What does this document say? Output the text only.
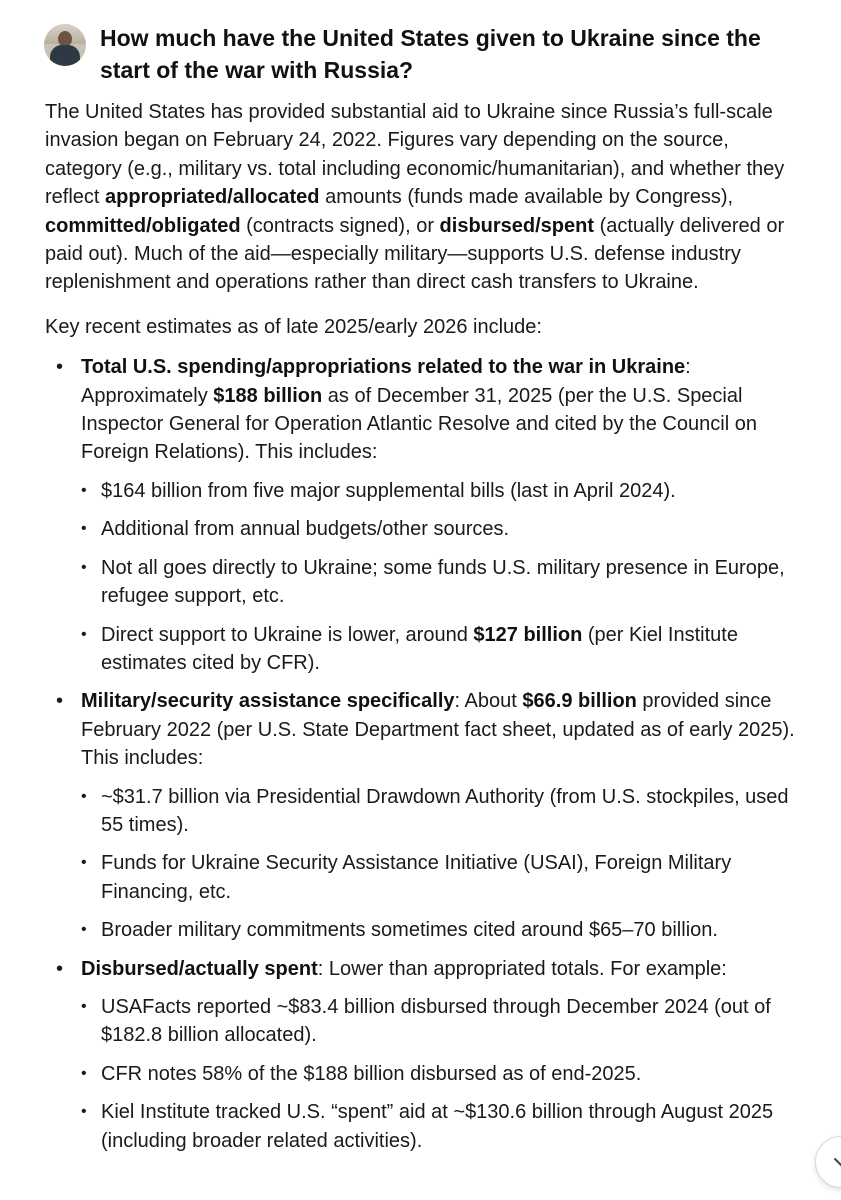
How much have the United States given to Ukraine since the start of the war with Russia?

The United States has provided substantial aid to Ukraine since Russia’s full-scale invasion began on February 24, 2022. Figures vary depending on the source, category (e.g., military vs. total including economic/humanitarian), and whether they reflect appropriated/allocated amounts (funds made available by Congress), committed/obligated (contracts signed), or disbursed/spent (actually delivered or paid out). Much of the aid—especially military—supports U.S. defense industry replenishment and operations rather than direct cash transfers to Ukraine.

Key recent estimates as of late 2025/early 2026 include:

• Total U.S. spending/appropriations related to the war in Ukraine: Approximately $188 billion as of December 31, 2025 (per the U.S. Special Inspector General for Operation Atlantic Resolve and cited by the Council on Foreign Relations). This includes:
• $164 billion from five major supplemental bills (last in April 2024).
• Additional from annual budgets/other sources.
• Not all goes directly to Ukraine; some funds U.S. military presence in Europe, refugee support, etc.
• Direct support to Ukraine is lower, around $127 billion (per Kiel Institute estimates cited by CFR).
• Military/security assistance specifically: About $66.9 billion provided since February 2022 (per U.S. State Department fact sheet, updated as of early 2025). This includes:
• ~$31.7 billion via Presidential Drawdown Authority (from U.S. stockpiles, used 55 times).
• Funds for Ukraine Security Assistance Initiative (USAI), Foreign Military Financing, etc.
• Broader military commitments sometimes cited around $65–70 billion.
• Disbursed/actually spent: Lower than appropriated totals. For example:
• USAFacts reported ~$83.4 billion disbursed through December 2024 (out of $182.8 billion allocated).
• CFR notes 58% of the $188 billion disbursed as of end-2025.
• Kiel Institute tracked U.S. “spent” aid at ~$130.6 billion through August 2025 (including broader related activities).
